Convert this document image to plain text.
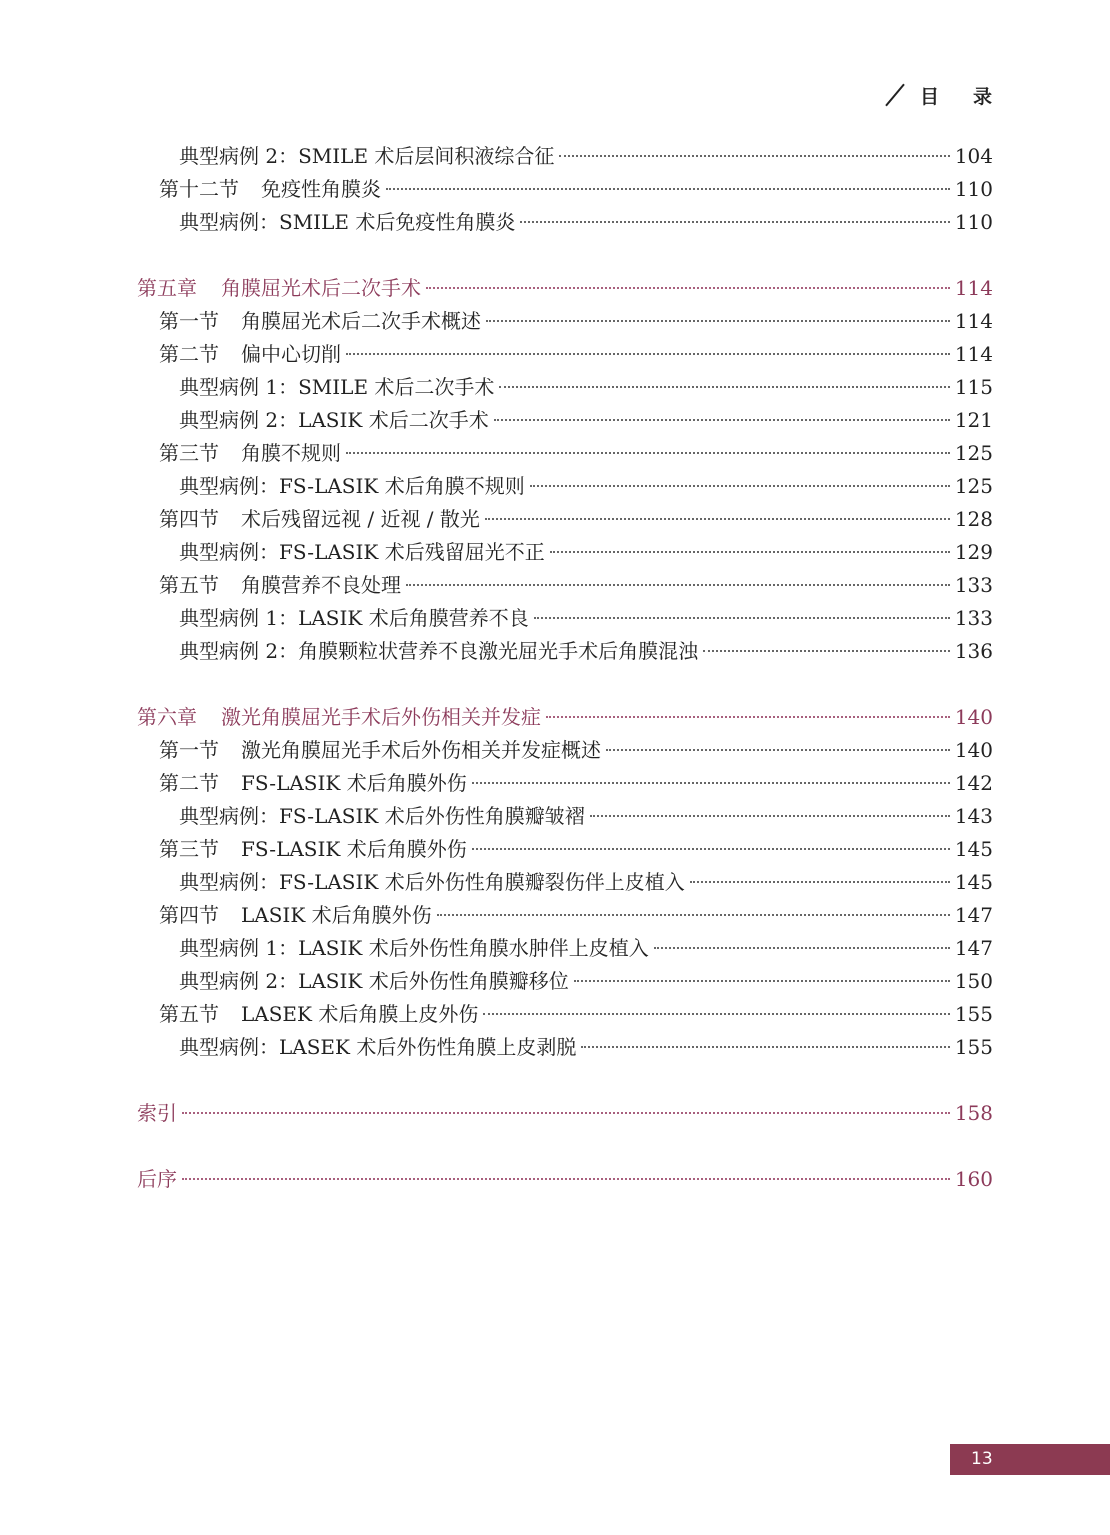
目录
典型病例 2：SMILE 术后层间积液综合征	104
第十二节 免疫性角膜炎	110
典型病例：SMILE 术后免疫性角膜炎	110
第五章 角膜屈光术后二次手术	114
第一节 角膜屈光术后二次手术概述	114
第二节 偏中心切削	114
典型病例 1：SMILE 术后二次手术	115
典型病例 2：LASIK 术后二次手术	121
第三节 角膜不规则	125
典型病例：FS-LASIK 术后角膜不规则	125
第四节 术后残留远视 / 近视 / 散光	128
典型病例：FS-LASIK 术后残留屈光不正	129
第五节 角膜营养不良处理	133
典型病例 1：LASIK 术后角膜营养不良	133
典型病例 2：角膜颗粒状营养不良激光屈光手术后角膜混浊	136
第六章 激光角膜屈光手术后外伤相关并发症	140
第一节 激光角膜屈光手术后外伤相关并发症概述	140
第二节 FS-LASIK 术后角膜外伤	142
典型病例：FS-LASIK 术后外伤性角膜瓣皱褶	143
第三节 FS-LASIK 术后角膜外伤	145
典型病例：FS-LASIK 术后外伤性角膜瓣裂伤伴上皮植入	145
第四节 LASIK 术后角膜外伤	147
典型病例 1：LASIK 术后外伤性角膜水肿伴上皮植入	147
典型病例 2：LASIK 术后外伤性角膜瓣移位	150
第五节 LASEK 术后角膜上皮外伤	155
典型病例：LASEK 术后外伤性角膜上皮剥脱	155
索引	158
后序	160
13
